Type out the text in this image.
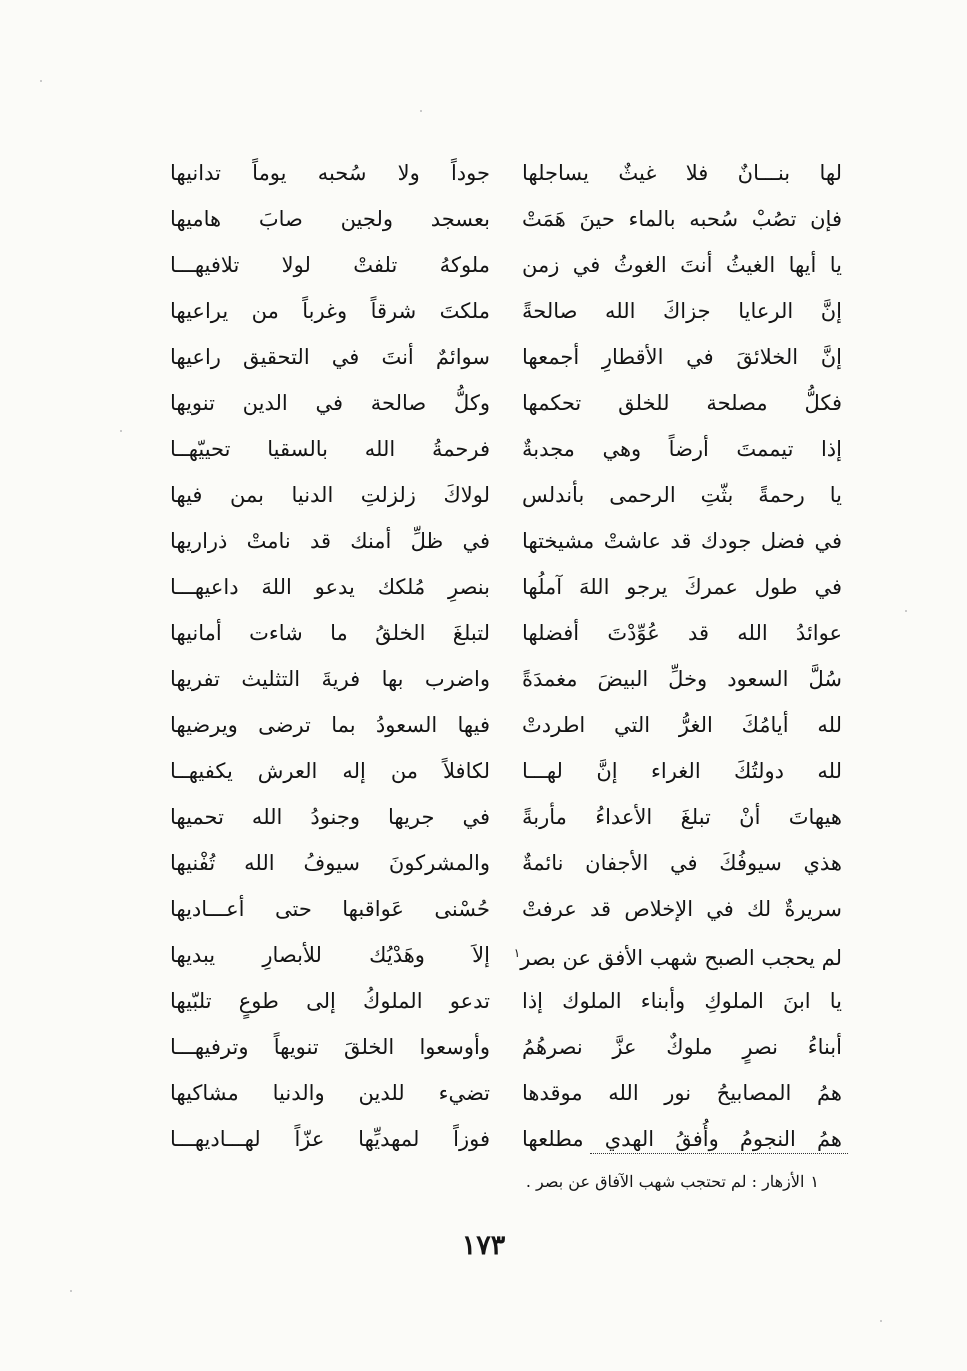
لها بنـــانٌ فلا غيثٌ يساجلها
جوداً ولا سُحبه يوماً تدانيها
فإن تصُبْ سُحبه بالماء حينَ هَمَتْ
بعسجد ولجين صابَ هاميها
يا أيها الغيثُ أنتَ الغوثُ في زمن
ملوكهُ تلفتْ لولا تلافيهـــا
إنَّ الرعايا جزاكَ الله صالحةً
ملكتَ شرقاً وغرباً من يراعيها
إنَّ الخلائقَ في الأقطارِ أجمعها
سوائمٌ أنتَ في التحقيق راعيها
فكلُّ مصلحة للخلق تحكمها
وكلُّ صالحة في الدين تنويها
إذا تيممتَ أرضاً وهي مجدبةٌ
فرحمةُ الله بالسقيا تحييّهــا
يا رحمةً بثّتِ الرحمى بأندلس
لولاكَ زلزلتِ الدنيا بمن فيها
في فضل جودك قد عاشتْ مشيختها
في ظلِّ أمنك قد نامتْ ذراريها
في طول عمركَ يرجو اللهَ آملُها
بنصرِ مُلكك يدعو اللهَ داعيهـــا
عوائدُ الله قد عُوِّدْتَ أفضلها
لتبلغَ الخلقُ ما شاءت أمانيها
سُلَّ السعود وخلِّ البيضَ مغمدَةً
واضرب بها فريةَ التثليث تفريها
لله أيامُكَ الغرُّ التي اطردتْ
فيها السعودُ بما ترضى ويرضيها
لله دولتُكَ الغراء إنَّ لهـــا
لكافلاً من إله العرش يكفيهــا
هيهاتَ أنْ تبلغَ الأعداءُ مأربةً
في جريها وجنودُ الله تحميها
هذي سيوفُكَ في الأجفان نائمةٌ
والمشركونَ سيوفُ الله تُفْنيها
سريرةٌ لك في الإخلاص قد عرفتْ
حُسْنى عَواقبها حتى أعـــاديها
لم يحجب الصبح شهب الأفق عن بصر$^١$
إلاَ وهَدْيُك للأبصارِ يبديها
يا ابنَ الملوكِ وأبناء الملوك إذا
تدعو الملوكُ إلى طوعٍ تلبّيها
أبناءُ نصرٍ ملوكٌ عزَّ نصرهُمُ
وأوسعوا الخلقَ تنويهاً وترفيهـــا
همُ المصابيحُ نور الله موقدها
تضيء للدين والدنيا مشاكيها
همُ النجومُ وأُفقُ الهدي مطلعها
فوزاً لمهديِّها عزّاً لهـــاديهـــا
١
الأزهار : لم تحتجب شهب الآفاق عن بصر .
١٧٣
